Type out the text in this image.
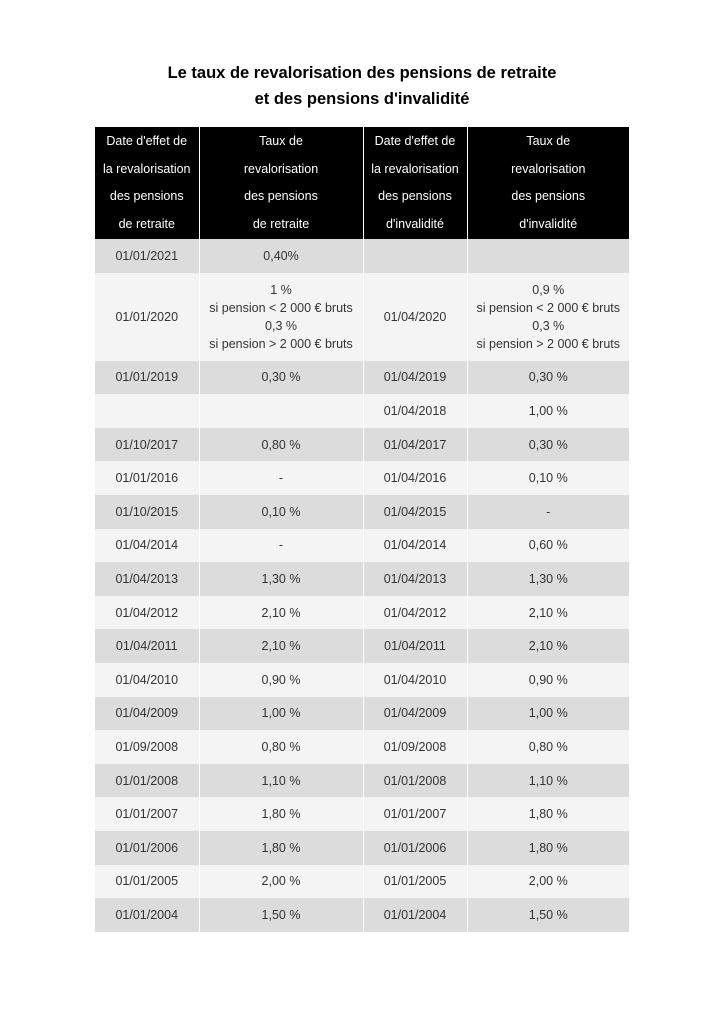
Le taux de revalorisation des pensions de retraite
et des pensions d'invalidité
Date d'effet de
la revalorisation
des pensions
de retraite	Taux de
revalorisation
des pensions
de retraite	Date d'effet de
la revalorisation
des pensions
d'invalidité	Taux de
revalorisation
des pensions
d'invalidité

01/01/2021	0,40%		
01/01/2020	1 %
si pension < 2 000 € bruts
0,3 %
si pension > 2 000 € bruts	01/04/2020	0,9 %
si pension < 2 000 € bruts
0,3 %
si pension > 2 000 € bruts

01/01/2019	0,30 %	01/04/2019	0,30 %
		01/04/2018	1,00 %
01/10/2017	0,80 %	01/04/2017	0,30 %
01/01/2016	-	01/04/2016	0,10 %
01/10/2015	0,10 %	01/04/2015	-
01/04/2014	-	01/04/2014	0,60 %
01/04/2013	1,30 %	01/04/2013	1,30 %
01/04/2012	2,10 %	01/04/2012	2,10 %
01/04/2011	2,10 %	01/04/2011	2,10 %
01/04/2010	0,90 %	01/04/2010	0,90 %
01/04/2009	1,00 %	01/04/2009	1,00 %
01/09/2008	0,80 %	01/09/2008	0,80 %
01/01/2008	1,10 %	01/01/2008	1,10 %
01/01/2007	1,80 %	01/01/2007	1,80 %
01/01/2006	1,80 %	01/01/2006	1,80 %
01/01/2005	2,00 %	01/01/2005	2,00 %
01/01/2004	1,50 %	01/01/2004	1,50 %
